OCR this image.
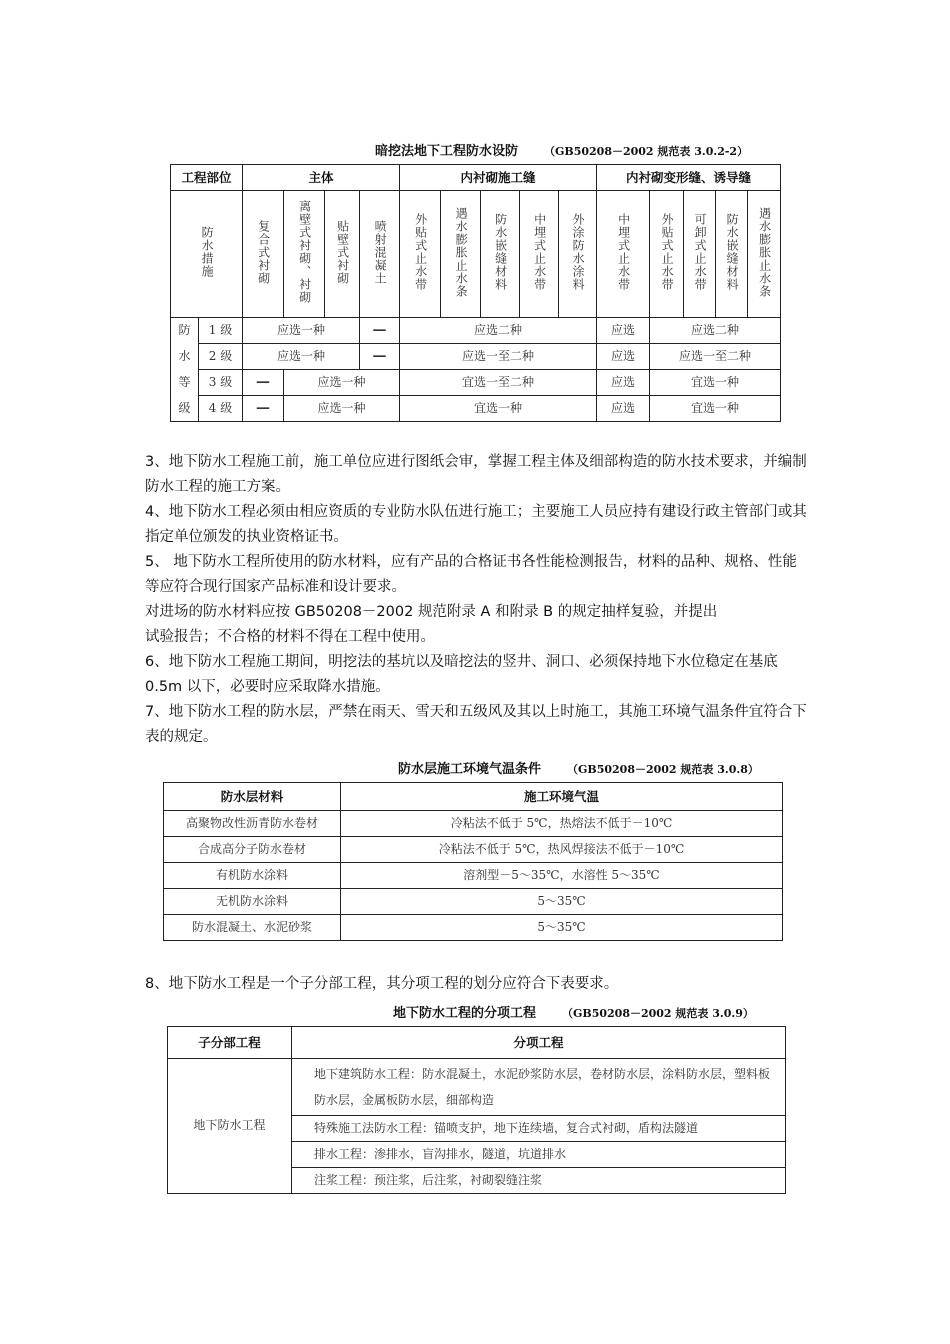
暗挖法地下工程防水设防 （GB50208－2002 规范表 3.0.2-2）
工程部位		主体				内衬砌施工缝					内衬砌变形缝、诱导缝				
防水措施		复合式衬砌	离壁式衬砌、衬砌	贴壁式衬砌	喷射混凝土	外贴式止水带	遇水膨胀止水条	防水嵌缝材料	中埋式止水带	外涂防水涂料	中埋式止水带	外贴式止水带	可卸式止水带	防水嵌缝材料	遇水膨胀止水条
防	1 级	应选一种			—	应选二种					应选	应选二种			
水	2 级	应选一种			—	应选一至二种					应选	应选一至二种			
等	3 级	—	应选一种			宜选一至二种					应选	宜选一种			
级	4 级	—	应选一种			宜选一种					应选	宜选一种			
3、地下防水工程施工前，施工单位应进行图纸会审，掌握工程主体及细部构造的防水技术要求，并编制防水工程的施工方案。
4、地下防水工程必须由相应资质的专业防水队伍进行施工；主要施工人员应持有建设行政主管部门或其指定单位颁发的执业资格证书。
5、 地下防水工程所使用的防水材料，应有产品的合格证书各性能检测报告，材料的品种、规格、性能等应符合现行国家产品标准和设计要求。
对进场的防水材料应按 GB50208－2002 规范附录 A 和附录 B 的规定抽样复验，并提出
试验报告；不合格的材料不得在工程中使用。
6、地下防水工程施工期间，明挖法的基坑以及暗挖法的竖井、洞口、必须保持地下水位稳定在基底 0.5m 以下，必要时应采取降水措施。
7、地下防水工程的防水层，严禁在雨天、雪天和五级风及其以上时施工，其施工环境气温条件宜符合下表的规定。
防水层施工环境气温条件 （GB50208－2002 规范表 3.0.8）
防水层材料	施工环境气温
高聚物改性沥青防水卷材	冷粘法不低于 5℃，热熔法不低于－10℃
合成高分子防水卷材	冷粘法不低于 5℃，热风焊接法不低于－10℃
有机防水涂料	溶剂型－5～35℃，水溶性 5～35℃
无机防水涂料	5～35℃
防水混凝土、水泥砂浆	5～35℃
8、地下防水工程是一个子分部工程，其分项工程的划分应符合下表要求。
地下防水工程的分项工程 （GB50208－2002 规范表 3.0.9）
子分部工程	分项工程
地下防水工程	地下建筑防水工程：防水混凝土，水泥砂浆防水层，卷材防水层，涂料防水层，塑料板防水层，金属板防水层，细部构造
	特殊施工法防水工程：锚喷支护，地下连续墙，复合式衬砌，盾构法隧道
	排水工程：渗排水，盲沟排水，隧道，坑道排水
	注浆工程：预注浆，后注浆，衬砌裂缝注浆
